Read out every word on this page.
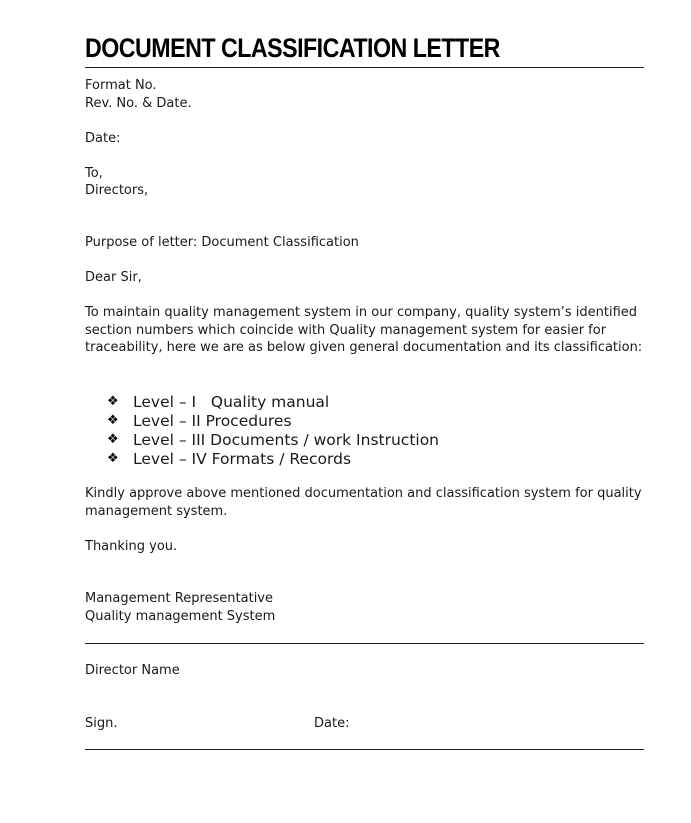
DOCUMENT CLASSIFICATION LETTER
Format No.
Rev. No. & Date.
Date:
To,
Directors,
Purpose of letter: Document Classification
Dear Sir,
To maintain quality management system in our company, quality system’s identified section numbers which coincide with Quality management system for easier for traceability, here we are as below given general documentation and its classification:
❖ Level – I   Quality manual
❖ Level – II Procedures
❖ Level – III Documents / work Instruction
❖ Level – IV Formats / Records
Kindly approve above mentioned documentation and classification system for quality management system.
Thanking you.
Management Representative
Quality management System
Director Name
Sign.	Date:
